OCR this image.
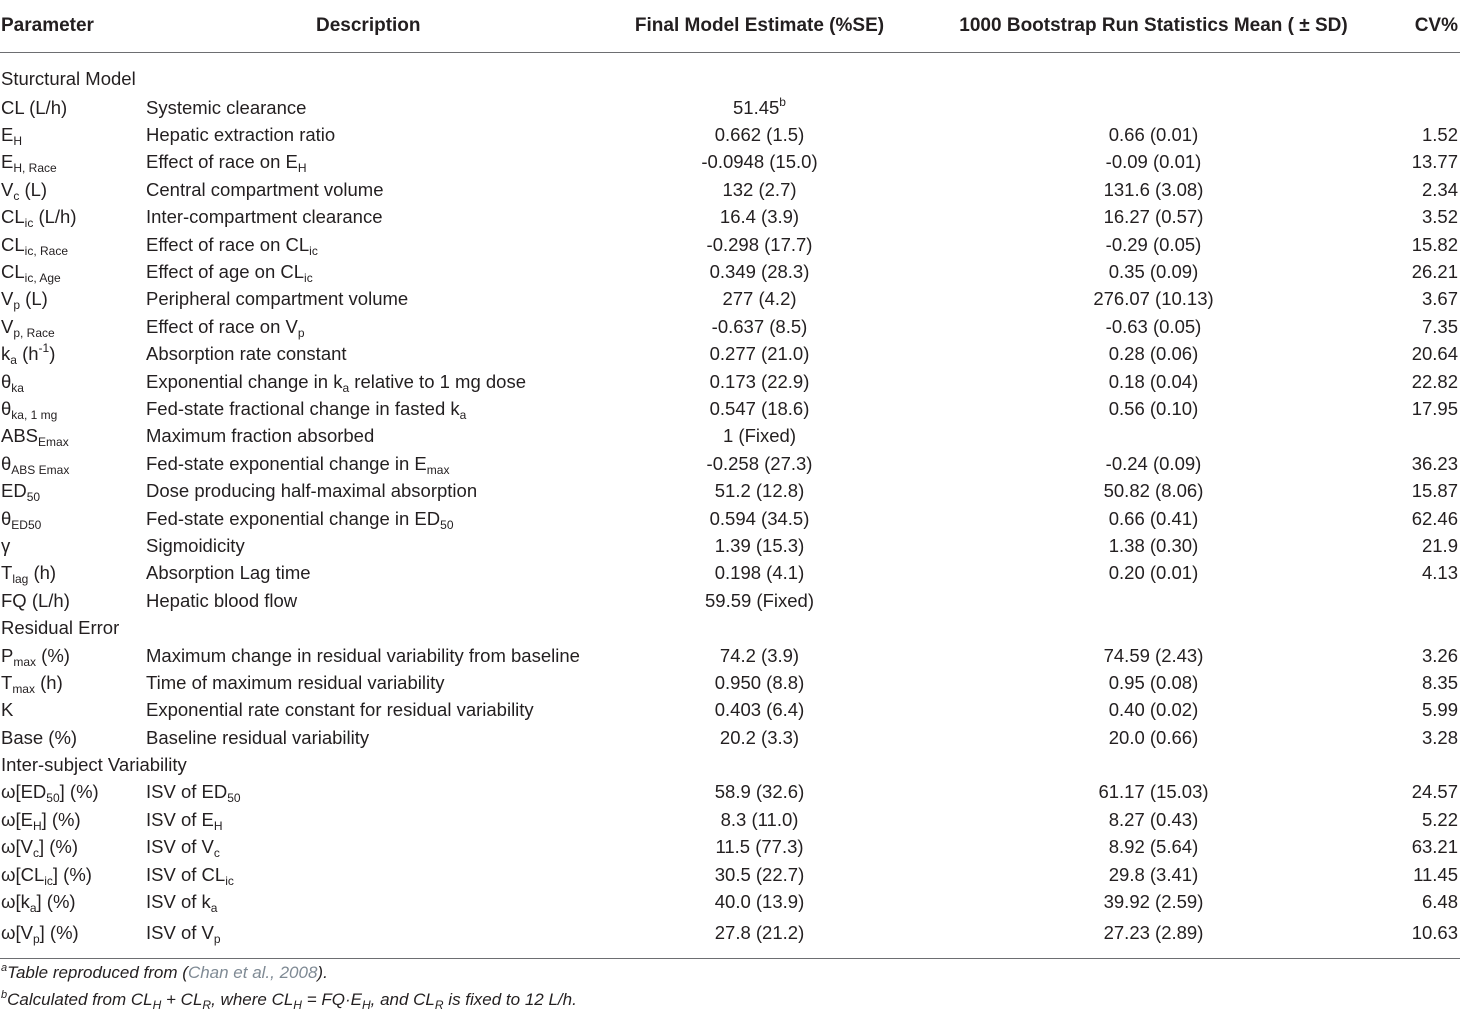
Parameter	Description	Final Model Estimate (%SE)	1000 Bootstrap Run Statistics Mean ( ± SD)	CV%
Sturctural Model				
CL (L/h)	Systemic clearance	51.45$^b$		
$E_H$	Hepatic extraction ratio	0.662 (1.5)	0.66 (0.01)	1.52
$E_{H, Race}$	Effect of race on $E_H$	-0.0948 (15.0)	-0.09 (0.01)	13.77
$V_c$ (L)	Central compartment volume	132 (2.7)	131.6 (3.08)	2.34
$CL_{ic}$ (L/h)	Inter-compartment clearance	16.4 (3.9)	16.27 (0.57)	3.52
$CL_{ic, Race}$	Effect of race on $CL_{ic}$	-0.298 (17.7)	-0.29 (0.05)	15.82
$CL_{ic, Age}$	Effect of age on $CL_{ic}$	0.349 (28.3)	0.35 (0.09)	26.21
$V_p$ (L)	Peripheral compartment volume	277 (4.2)	276.07 (10.13)	3.67
$V_{p, Race}$	Effect of race on $V_p$	-0.637 (8.5)	-0.63 (0.05)	7.35
$k_a$ $(h^{-1})$	Absorption rate constant	0.277 (21.0)	0.28 (0.06)	20.64
$\theta_{ka}$	Exponential change in $k_a$ relative to 1 mg dose	0.173 (22.9)	0.18 (0.04)	22.82
$\theta_{ka, 1 mg}$	Fed-state fractional change in fasted $k_a$	0.547 (18.6)	0.56 (0.10)	17.95
$ABS_{Emax}$	Maximum fraction absorbed	1 (Fixed)		
$\theta_{ABS Emax}$	Fed-state exponential change in $E_{max}$	-0.258 (27.3)	-0.24 (0.09)	36.23
$ED_{50}$	Dose producing half-maximal absorption	51.2 (12.8)	50.82 (8.06)	15.87
$\theta_{ED50}$	Fed-state exponential change in $ED_{50}$	0.594 (34.5)	0.66 (0.41)	62.46
γ	Sigmoidicity	1.39 (15.3)	1.38 (0.30)	21.9
$T_{lag}$ (h)	Absorption Lag time	0.198 (4.1)	0.20 (0.01)	4.13
FQ (L/h)	Hepatic blood flow	59.59 (Fixed)		
Residual Error				
$P_{max}$ (%)	Maximum change in residual variability from baseline	74.2 (3.9)	74.59 (2.43)	3.26
$T_{max}$ (h)	Time of maximum residual variability	0.950 (8.8)	0.95 (0.08)	8.35
K	Exponential rate constant for residual variability	0.403 (6.4)	0.40 (0.02)	5.99
Base (%)	Baseline residual variability	20.2 (3.3)	20.0 (0.66)	3.28
Inter-subject Variability				
$\omega[ED_{50}]$ (%)	ISV of $ED_{50}$	58.9 (32.6)	61.17 (15.03)	24.57
$\omega[E_H]$ (%)	ISV of $E_H$	8.3 (11.0)	8.27 (0.43)	5.22
$\omega[V_c]$ (%)	ISV of $V_c$	11.5 (77.3)	8.92 (5.64)	63.21
$\omega[CL_{ic}]$ (%)	ISV of $CL_{ic}$	30.5 (22.7)	29.8 (3.41)	11.45
$\omega[k_a]$ (%)	ISV of $k_a$	40.0 (13.9)	39.92 (2.59)	6.48
$\omega[V_p]$ (%)	ISV of $V_p$	27.8 (21.2)	27.23 (2.89)	10.63
$^a$Table reproduced from (Chan et al., 2008).
$^b$Calculated from $CL_H + CL_R$, where $CL_H = FQ\cdot E_H$, and $CL_R$ is fixed to 12 L/h.
